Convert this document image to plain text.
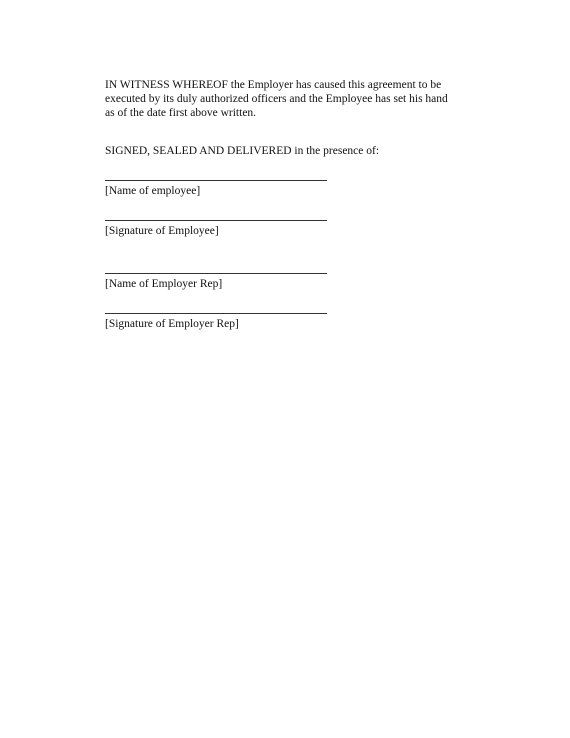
IN WITNESS WHEREOF the Employer has caused this agreement to be
executed by its duly authorized officers and the Employee has set his hand
as of the date first above written.

SIGNED, SEALED AND DELIVERED in the presence of:

[Name of employee]
[Signature of Employee]
[Name of Employer Rep]
[Signature of Employer Rep]
